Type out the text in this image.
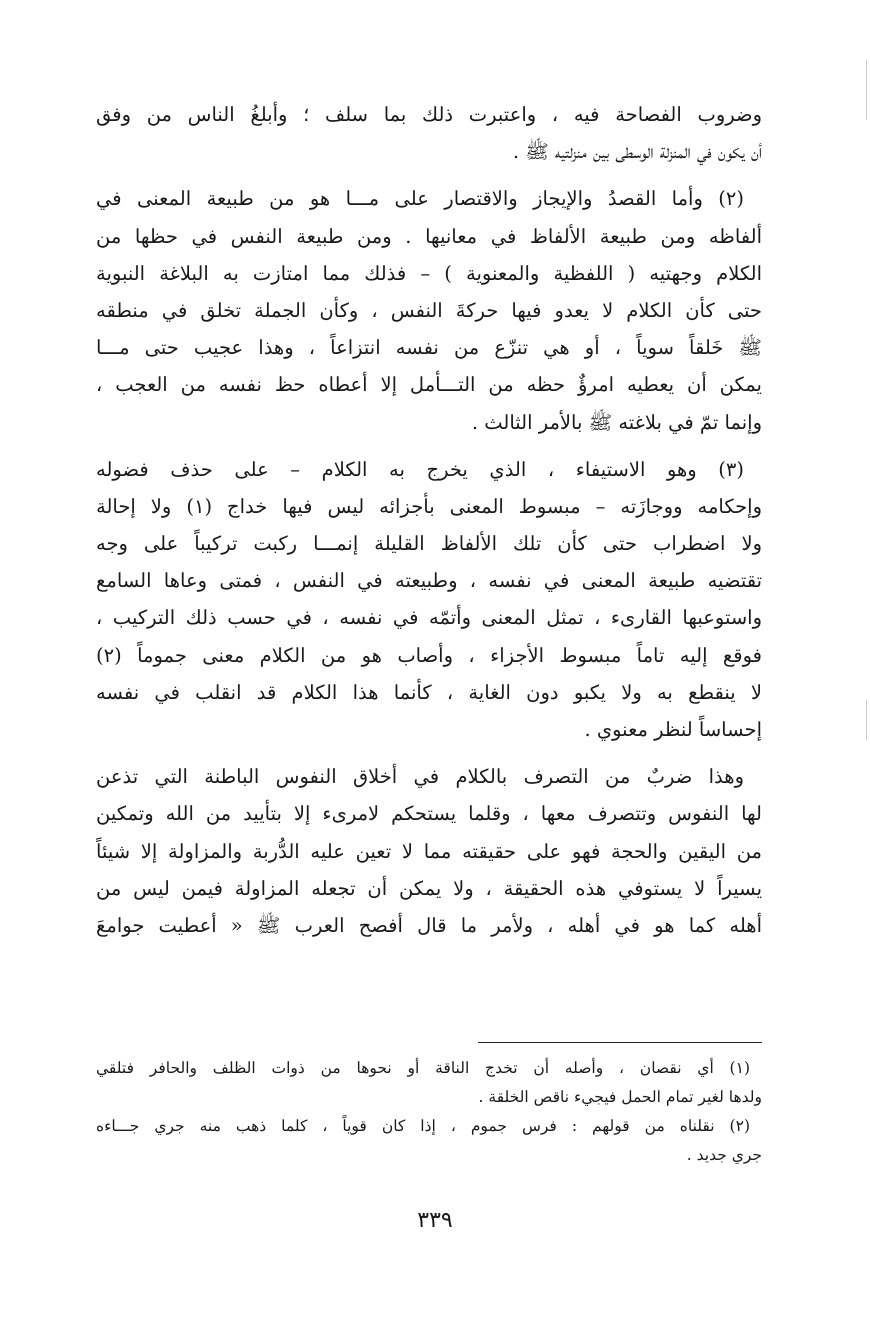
وضروب الفصاحة فيه ، واعتبرت ذلك بما سلف ؛ وأبلغُ الناس من وفق
أن يكون في المنزلة الوسطى بين منزلتيه ﷺ .
(٢) وأما القصدُ والإيجاز والاقتصار على مـــا هو من طبيعة المعنى في
ألفاظه ومن طبيعة الألفاظ في معانيها . ومن طبيعة النفس في حظها من
الكلام وجهتيه ( اللفظية والمعنوية ) – فذلك مما امتازت به البلاغة النبوية
حتى كأن الكلام لا يعدو فيها حركةَ النفس ، وكأن الجملة تخلق في منطقه
ﷺ خَلقاً سوياً ، أو هي تنزّع من نفسه انتزاعاً ، وهذا عجيب حتى مـــا
يمكن أن يعطيه امرؤٌ حظه من التـــأمل إلا أعطاه حظ نفسه من العجب ،
وإنما تمّ في بلاغته ﷺ بالأمر الثالث .
(٣) وهو الاستيفاء ، الذي يخرج به الكلام – على حذف فضوله
وإحكامه ووجازَته – مبسوط المعنى بأجزائه ليس فيها خداج (١) ولا إحالة
ولا اضطراب حتى كأن تلك الألفاظ القليلة إنمـــا ركبت تركيباً على وجه
تقتضيه طبيعة المعنى في نفسه ، وطبيعته في النفس ، فمتى وعاها السامع
واستوعبها القارىء ، تمثل المعنى وأتمّه في نفسه ، في حسب ذلك التركيب ،
فوقع إليه تاماً مبسوط الأجزاء ، وأصاب هو من الكلام معنى جموماً (٢)
لا ينقطع به ولا يكبو دون الغاية ، كأنما هذا الكلام قد انقلب في نفسه
إحساساً لنظر معنوي .
وهذا ضربٌ من التصرف بالكلام في أخلاق النفوس الباطنة التي تذعن
لها النفوس وتتصرف معها ، وقلما يستحكم لامرىء إلا بتأييد من الله وتمكين
من اليقين والحجة فهو على حقيقته مما لا تعين عليه الدُّربة والمزاولة إلا شيئاً
يسيراً لا يستوفي هذه الحقيقة ، ولا يمكن أن تجعله المزاولة فيمن ليس من
أهله كما هو في أهله ، ولأمر ما قال أفصح العرب ﷺ « أعطيت جوامعَ
(١) أي نقصان ، وأصله أن تخدج الناقة أو نحوها من ذوات الظلف والحافر فتلقي
ولدها لغير تمام الحمل فيجيء ناقص الخلقة .
(٢) نقلناه من قولهم : فرس جموم ، إذا كان قوياً ، كلما ذهب منه جري جـــاءه
جري جديد .
٣٣٩
